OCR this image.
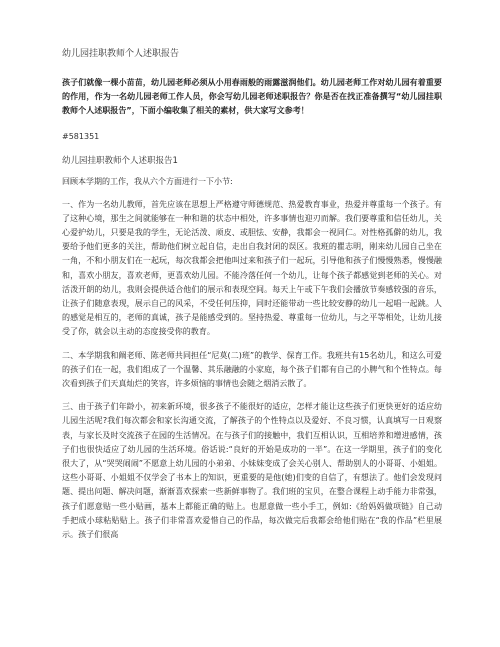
幼儿园挂职教师个人述职报告

孩子们就像一棵小苗苗，幼儿园老师必须从小用春雨般的雨露滋润他们。幼儿园老师工作对幼儿园有着重要的作用，作为一名幼儿园老师工作人员，你会写幼儿园老师述职报告？你是否在找正准备撰写“幼儿园挂职教师个人述职报告”，下面小编收集了相关的素材，供大家写文参考！

#581351
幼儿园挂职教师个人述职报告1
回顾本学期的工作，我从六个方面进行一下小节:

一、作为一名幼儿教师，首先应该在思想上严格遵守师德规范、热爱教育事业，热爱并尊重每一个孩子。有了这种心境，那生之间就能够在一种和谐的状态中相处，许多事情也迎刃而解。我们要尊重和信任幼儿，关心爱护幼儿，只要是我的学生，无论活泼、顽皮、或胆怯、安静，我都会一视同仁。对性格孤僻的幼儿，我要给予他们更多的关注，帮助他们树立起自信，走出自我封闭的误区。我班的瞿志明，刚来幼儿园自己坐在一角，不和小朋友们在一起玩，每次我都会把他叫过来和孩子们一起玩，引导他和孩子们慢慢熟悉，慢慢融和，喜欢小朋友，喜欢老师，更喜欢幼儿园。不能冷落任何一个幼儿，让每个孩子都感觉到老师的关心。对活泼开朗的幼儿，我则会提供适合他们的展示和表现空间。每天上午或下午我们会播放节奏感较强的音乐，让孩子们随意表现，展示自己的风采，不受任何压抑，同时还能带动一些比较安静的幼儿一起唱一起跳。人的感觉是相互的，老师的真诚，孩子是能感受到的。坚持热爱、尊重每一位幼儿，与之平等相处，让幼儿接受了你，就会以主动的态度接受你的教育。

二、本学期我和阚老师、陈老师共同担任“尼莫(二)班”的教学、保育工作。我班共有15名幼儿，和这么可爱的孩子们在一起，我们组成了一个温馨、其乐融融的小家庭，每个孩子们都有自己的小脾气和个性特点。每次看到孩子们天真灿烂的笑容，许多烦恼的事情也会随之烟消云散了。

三、由于孩子们年龄小，初来新环境，很多孩子不能很好的适应，怎样才能让这些孩子们更快更好的适应幼儿园生活呢?我们每次都会和家长沟通交流，了解孩子的个性特点以及爱好、不良习惯，认真填写一日观察表，与家长及时交流孩子在园的生活情况。在与孩子们的接触中，我们互相认识，互相培养和增进感情，孩子们也很快适应了幼儿园的生活环境。俗话说:“良好的开始是成功的一半”。在这一学期里，孩子们的变化很大了，从“哭哭闹闹”不愿意上幼儿园的小弟弟、小妹妹变成了会关心别人、帮助别人的小哥哥、小姐姐。这些小哥哥、小姐姐不仅学会了书本上的知识，更重要的是他(她)们变的自信了，有想法了。他们会发现问题、提出问题、解决问题，渐渐喜欢探索一些新鲜事物了。我们班的宝贝，在整合课程上动手能力非常强，孩子们愿意贴一些小贴画，基本上都能正确的贴上。也愿意做一些小手工，例如:《给妈妈做项链》自己动手把成小球粘贴贴上。孩子们非常喜欢爱惜自己的作品，每次做完后我都会给他们贴在“我的作品”栏里展示。孩子们很高
